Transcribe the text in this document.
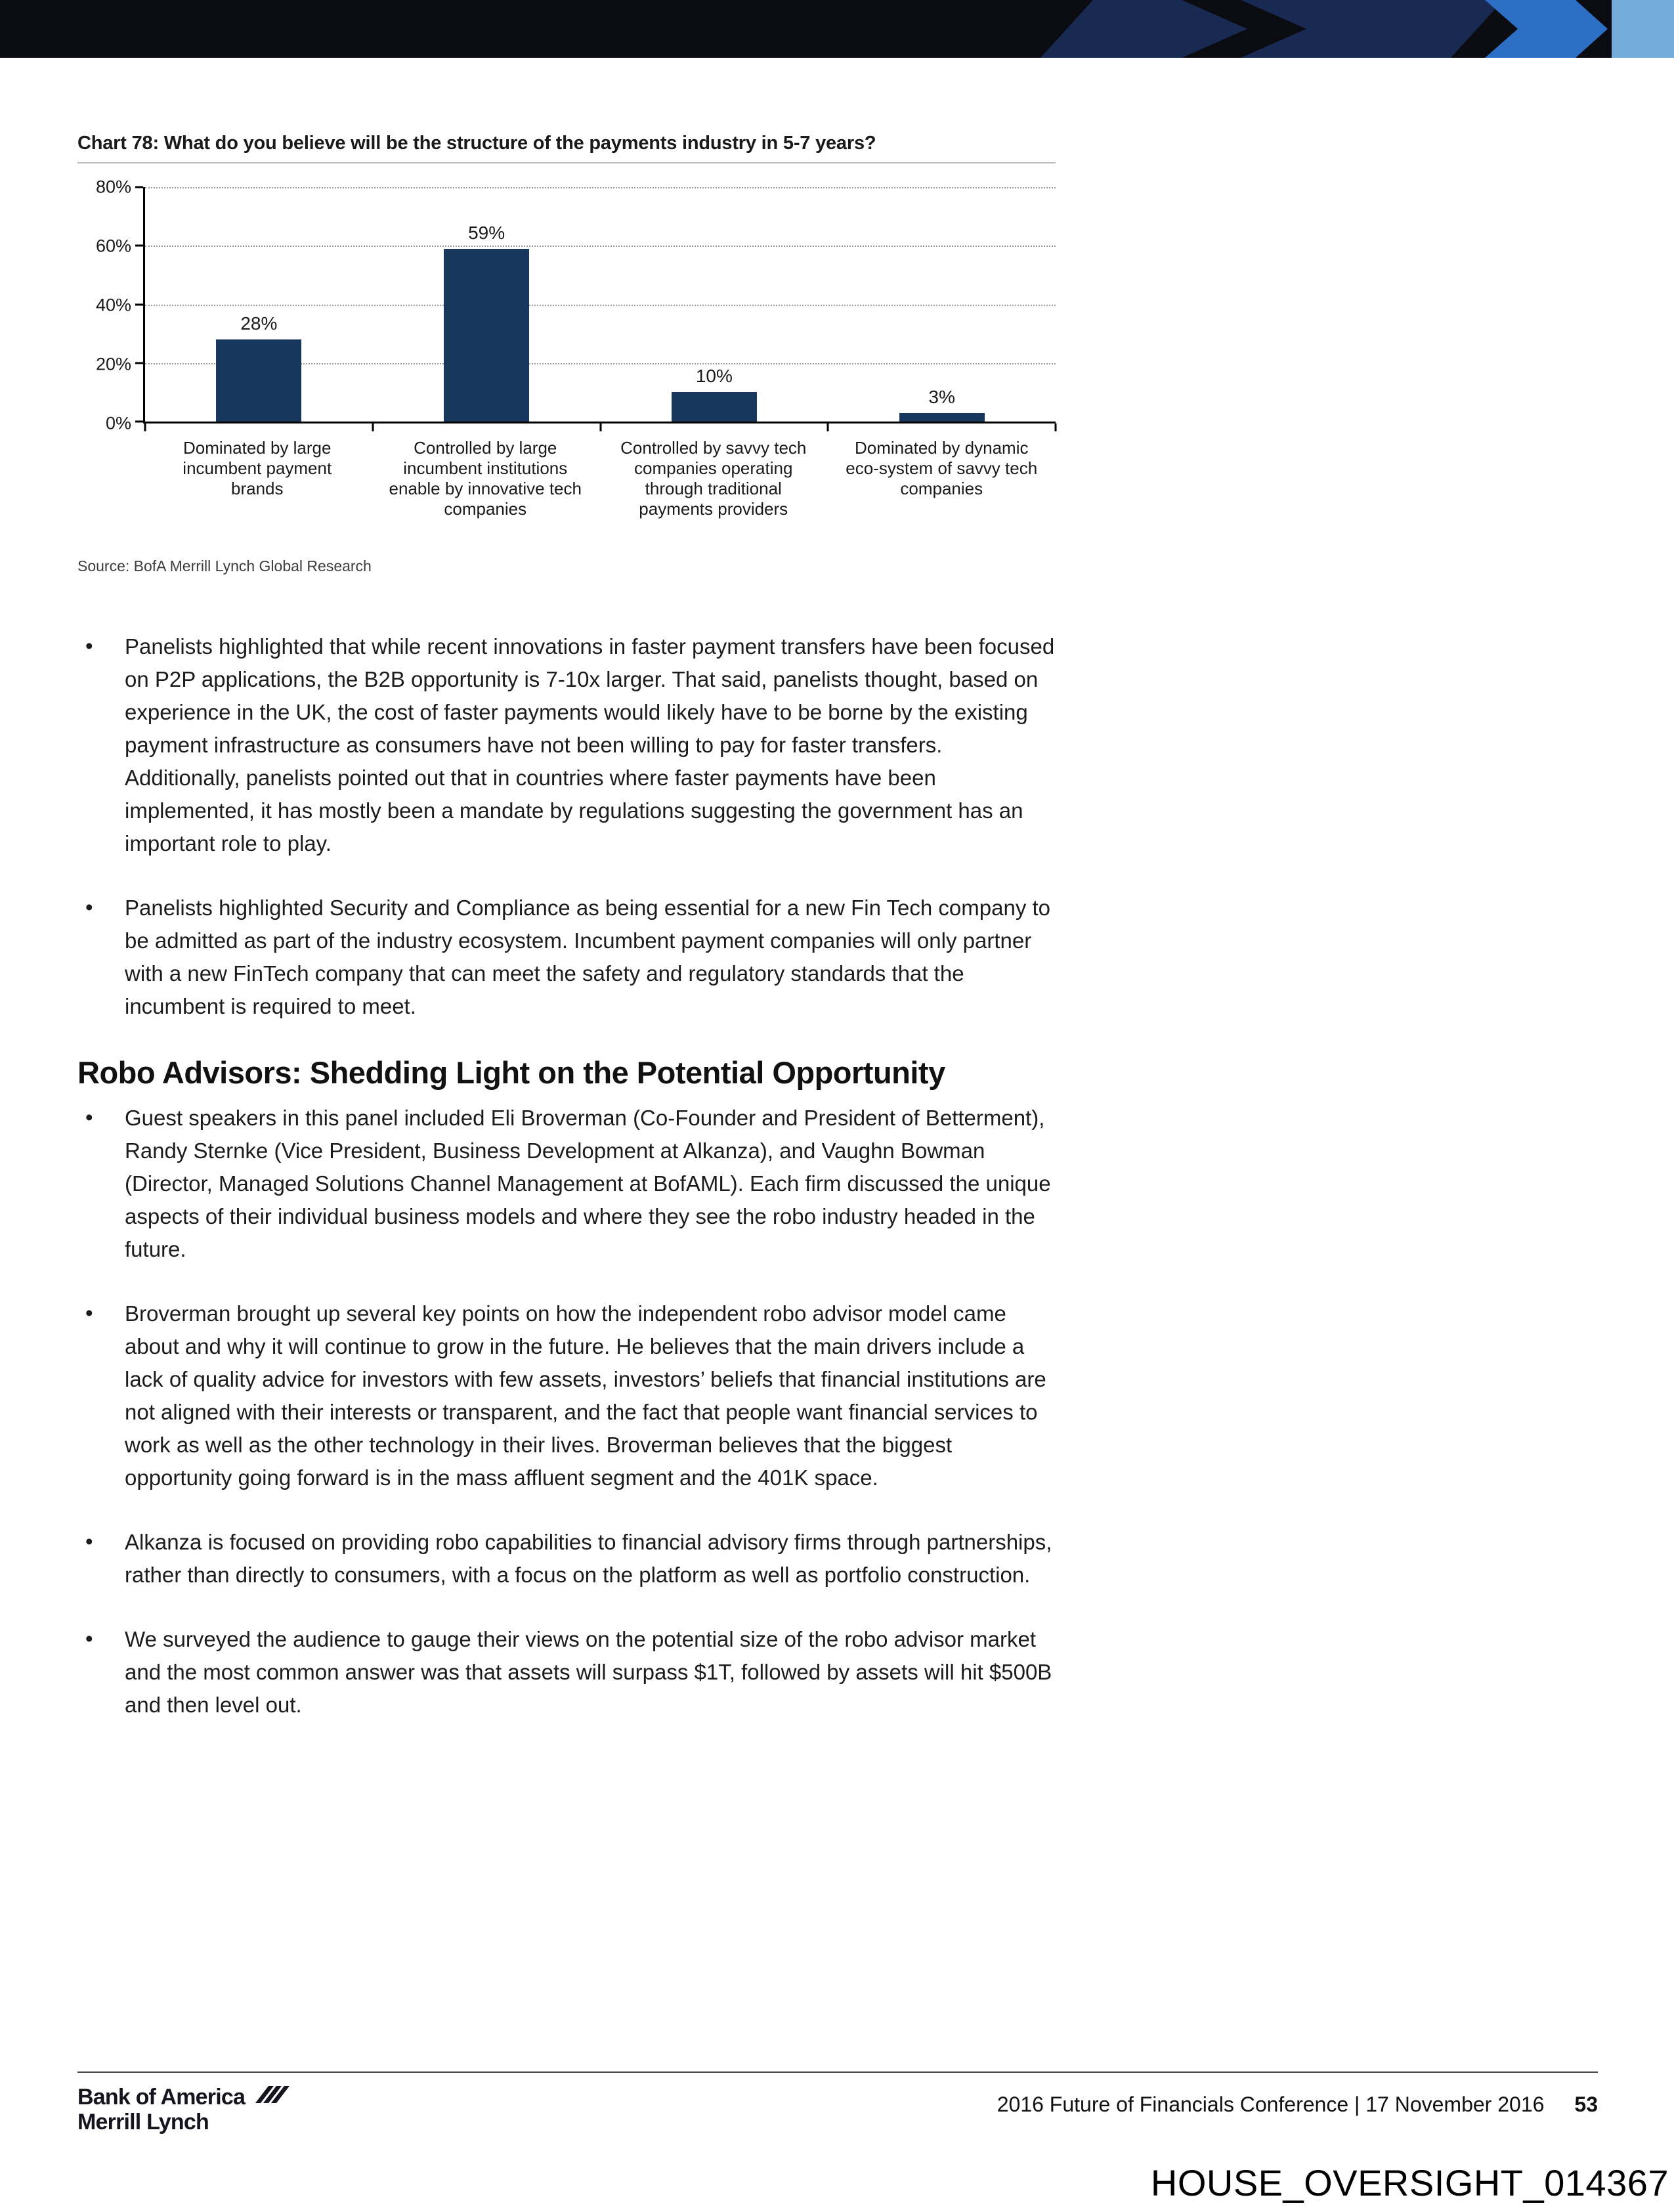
Chart 78: What do you believe will be the structure of the payments industry in 5-7 years?
80%
60%
40%
20%
0%
28%
59%
10%
3%
Dominated by large incumbent payment brands
Controlled by large incumbent institutions enable by innovative tech companies
Controlled by savvy tech companies operating through traditional payments providers
Dominated by dynamic eco-system of savvy tech companies
Source: BofA Merrill Lynch Global Research
• Panelists highlighted that while recent innovations in faster payment transfers have been focused on P2P applications, the B2B opportunity is 7-10x larger. That said, panelists thought, based on experience in the UK, the cost of faster payments would likely have to be borne by the existing payment infrastructure as consumers have not been willing to pay for faster transfers. Additionally, panelists pointed out that in countries where faster payments have been implemented, it has mostly been a mandate by regulations suggesting the government has an important role to play.
• Panelists highlighted Security and Compliance as being essential for a new Fin Tech company to be admitted as part of the industry ecosystem. Incumbent payment companies will only partner with a new FinTech company that can meet the safety and regulatory standards that the incumbent is required to meet.
Robo Advisors: Shedding Light on the Potential Opportunity
• Guest speakers in this panel included Eli Broverman (Co-Founder and President of Betterment), Randy Sternke (Vice President, Business Development at Alkanza), and Vaughn Bowman (Director, Managed Solutions Channel Management at BofAML). Each firm discussed the unique aspects of their individual business models and where they see the robo industry headed in the future.
• Broverman brought up several key points on how the independent robo advisor model came about and why it will continue to grow in the future. He believes that the main drivers include a lack of quality advice for investors with few assets, investors’ beliefs that financial institutions are not aligned with their interests or transparent, and the fact that people want financial services to work as well as the other technology in their lives. Broverman believes that the biggest opportunity going forward is in the mass affluent segment and the 401K space.
• Alkanza is focused on providing robo capabilities to financial advisory firms through partnerships, rather than directly to consumers, with a focus on the platform as well as portfolio construction.
• We surveyed the audience to gauge their views on the potential size of the robo advisor market and the most common answer was that assets will surpass $1T, followed by assets will hit $500B and then level out.
Bank of America
Merrill Lynch
2016 Future of Financials Conference | 17 November 2016 53
HOUSE_OVERSIGHT_014367
